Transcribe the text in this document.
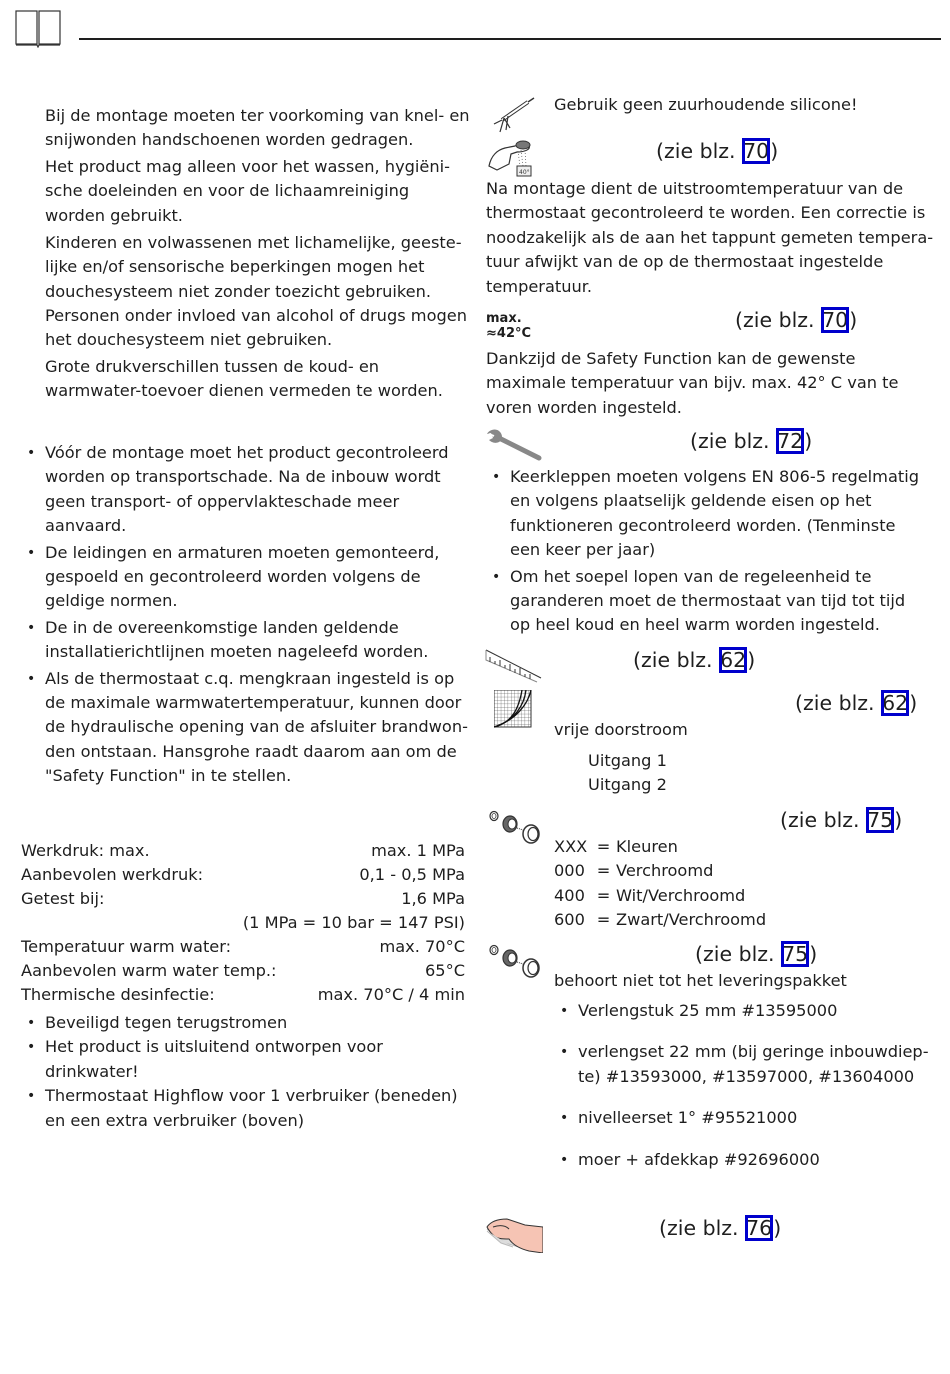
Bij de montage moeten ter voorkoming van knel- en snijwonden handschoenen worden gedragen.
Het product mag alleen voor het wassen, hygiëni-sche doeleinden en voor de lichaamreiniging worden gebruikt.
Kinderen en volwassenen met lichamelijke, geeste-lijke en/of sensorische beperkingen mogen het douchesysteem niet zonder toezicht gebruiken.
Personen onder invloed van alcohol of drugs mogen het douchesysteem niet gebruiken.
Grote drukverschillen tussen de koud- en warmwater-toevoer dienen vermeden te worden.
• Vóór de montage moet het product gecontroleerd worden op transportschade. Na de inbouw wordt geen transport- of oppervlakteschade meer aanvaard.
• De leidingen en armaturen moeten gemonteerd, gespoeld en gecontroleerd worden volgens de geldige normen.
• De in de overeenkomstige landen geldende installatierichtlijnen moeten nageleefd worden.
• Als de thermostaat c.q. mengkraan ingesteld is op de maximale warmwatertemperatuur, kunnen door de hydraulische opening van de afsluiter brandwon-den ontstaan. Hansgrohe raadt daarom aan om de "Safety Function" in te stellen.
Werkdruk: max.	max. 1 MPa
Aanbevolen werkdruk:	0,1 - 0,5 MPa
Getest bij:	1,6 MPa
(1 MPa = 10 bar = 147 PSI)
Temperatuur warm water:	max. 70°C
Aanbevolen warm water temp.:	65°C
Thermische desinfectie:	max. 70°C / 4 min
• Beveiligd tegen terugstromen
• Het product is uitsluitend ontworpen voor drinkwater!
• Thermostaat Highflow voor 1 verbruiker (beneden) en een extra verbruiker (boven)
Gebruik geen zuurhoudende silicone!
40°
(zie blz. 70)
Na montage dient de uitstroomtemperatuur van de thermostaat gecontroleerd te worden. Een correctie is noodzakelijk als de aan het tappunt gemeten tempera-tuur afwijkt van de op de thermostaat ingestelde temperatuur.
max.
≈42°C
(zie blz. 70)
Dankzijd de Safety Function kan de gewenste maximale temperatuur van bijv. max. 42° C van te voren worden ingesteld.
(zie blz. 72)
• Keerkleppen moeten volgens EN 806-5 regelmatig en volgens plaatselijk geldende eisen op het funktioneren gecontroleerd worden. (Tenminste een keer per jaar)
• Om het soepel lopen van de regeleenheid te garanderen moet de thermostaat van tijd tot tijd op heel koud en heel warm worden ingesteld.
(zie blz. 62)
(zie blz. 62)
vrije doorstroom
Uitgang 1
Uitgang 2
(zie blz. 75)
XXX = Kleuren
000 = Verchroomd
400 = Wit/Verchroomd
600 = Zwart/Verchroomd
(zie blz. 75)
behoort niet tot het leveringspakket
• Verlengstuk 25 mm #13595000
• verlengset 22 mm (bij geringe inbouwdiep-te) #13593000, #13597000, #13604000
• nivelleerset 1° #95521000
• moer + afdekkap #92696000
(zie blz. 76)
